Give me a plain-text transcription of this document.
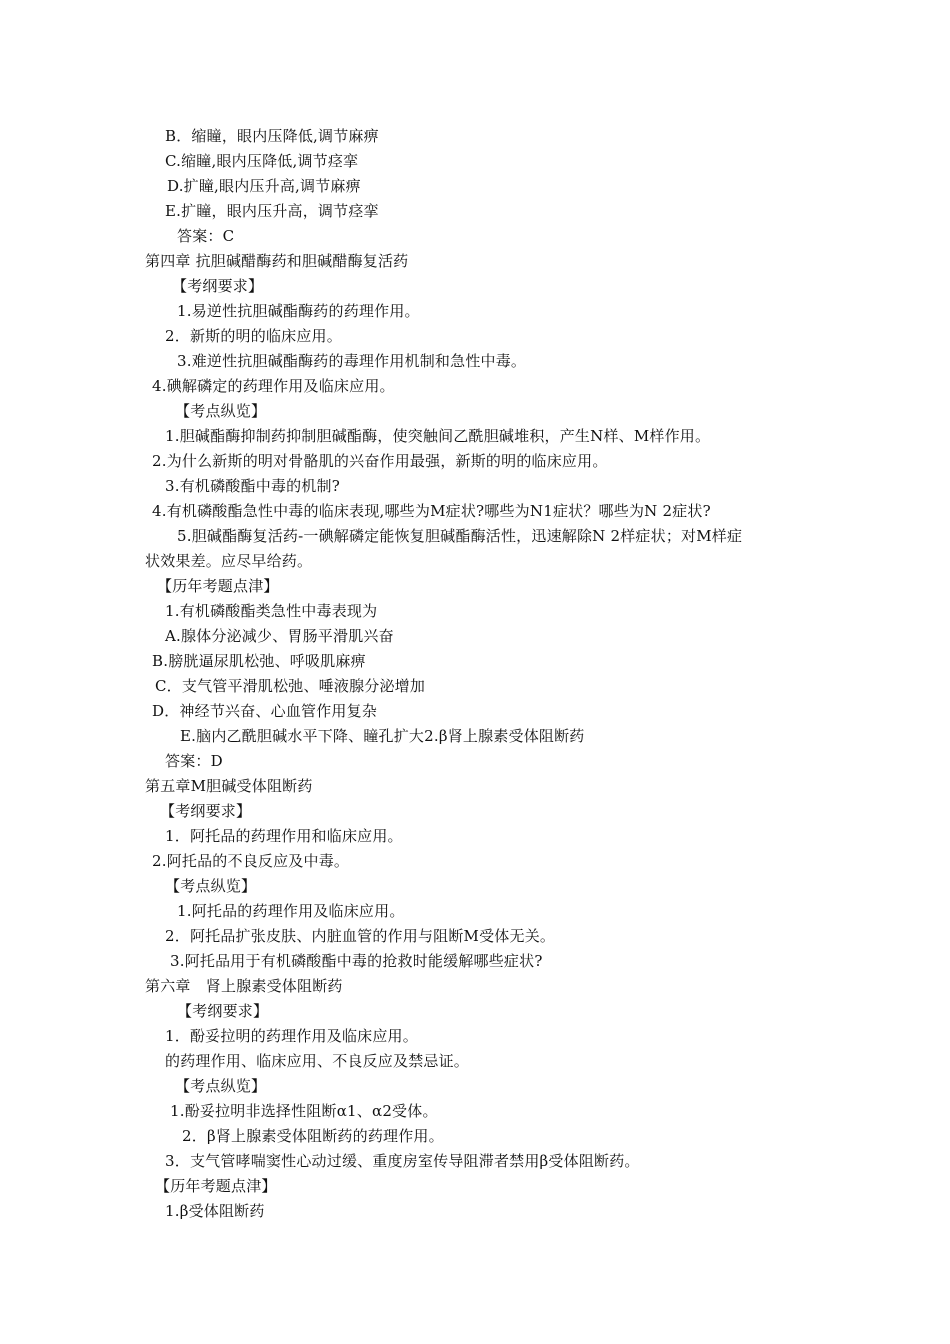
B．缩瞳，眼内压降低,调节麻痹
C.缩瞳,眼内压降低,调节痉挛
D.扩瞳,眼内压升高,调节麻痹
E.扩瞳，眼内压升高，调节痉挛
答案：C
第四章 抗胆碱醋酶药和胆碱醋酶复活药
【考纲要求】
1.易逆性抗胆碱酯酶药的药理作用。
2．新斯的明的临床应用。
3.难逆性抗胆碱酯酶药的毒理作用机制和急性中毒。
4.碘解磷定的药理作用及临床应用。
【考点纵览】
1.胆碱酯酶抑制药抑制胆碱酯酶，使突触间乙酰胆碱堆积，产生N样、M样作用。
2.为什么新斯的明对骨骼肌的兴奋作用最强，新斯的明的临床应用。
3.有机磷酸酯中毒的机制?
4.有机磷酸酯急性中毒的临床表现,哪些为M症状?哪些为N1症状？哪些为N 2症状?
5.胆碱酯酶复活药-一碘解磷定能恢复胆碱酯酶活性，迅速解除N 2样症状；对M样症
状效果差。应尽早给药。
【历年考题点津】
1.有机磷酸酯类急性中毒表现为
A.腺体分泌减少、胃肠平滑肌兴奋
B.膀胱逼尿肌松弛、呼吸肌麻痹
C．支气管平滑肌松弛、唾液腺分泌增加
D．神经节兴奋、心血管作用复杂
E.脑内乙酰胆碱水平下降、瞳孔扩大2.β肾上腺素受体阻断药
答案：D
第五章M胆碱受体阻断药
【考纲要求】
1．阿托品的药理作用和临床应用。
2.阿托品的不良反应及中毒。
【考点纵览】
1.阿托品的药理作用及临床应用。
2．阿托品扩张皮肤、内脏血管的作用与阻断M受体无关。
3.阿托品用于有机磷酸酯中毒的抢救时能缓解哪些症状?
第六章　肾上腺素受体阻断药
【考纲要求】
1．酚妥拉明的药理作用及临床应用。
的药理作用、临床应用、不良反应及禁忌证。
【考点纵览】
1.酚妥拉明非选择性阻断α1、α2受体。
2．β肾上腺素受体阻断药的药理作用。
3．支气管哮喘窦性心动过缓、重度房室传导阻滞者禁用β受体阻断药。
【历年考题点津】
1.β受体阻断药
